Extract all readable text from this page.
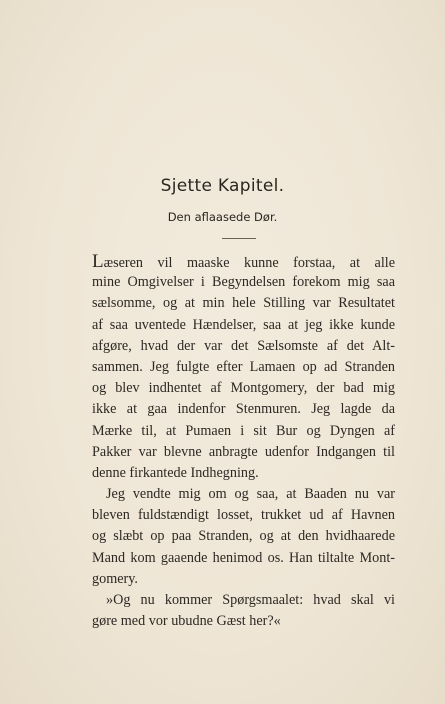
Sjette Kapitel.
Den aflaasede Dør.
Læseren vil maaske kunne forstaa, at alle
mine Omgivelser i Begyndelsen forekom mig saa
sælsomme, og at min hele Stilling var Resultatet
af saa uventede Hændelser, saa at jeg ikke kunde
afgøre, hvad der var det Sælsomste af det Alt-
sammen. Jeg fulgte efter Lamaen op ad Stranden
og blev indhentet af Montgomery, der bad mig
ikke at gaa indenfor Stenmuren. Jeg lagde da
Mærke til, at Pumaen i sit Bur og Dyngen af
Pakker var blevne anbragte udenfor Indgangen til
denne firkantede Indhegning.
Jeg vendte mig om og saa, at Baaden nu var
bleven fuldstændigt losset, trukket ud af Havnen
og slæbt op paa Stranden, og at den hvidhaarede
Mand kom gaaende henimod os. Han tiltalte Mont-
gomery.
»Og nu kommer Spørgsmaalet: hvad skal vi
gøre med vor ubudne Gæst her?«
